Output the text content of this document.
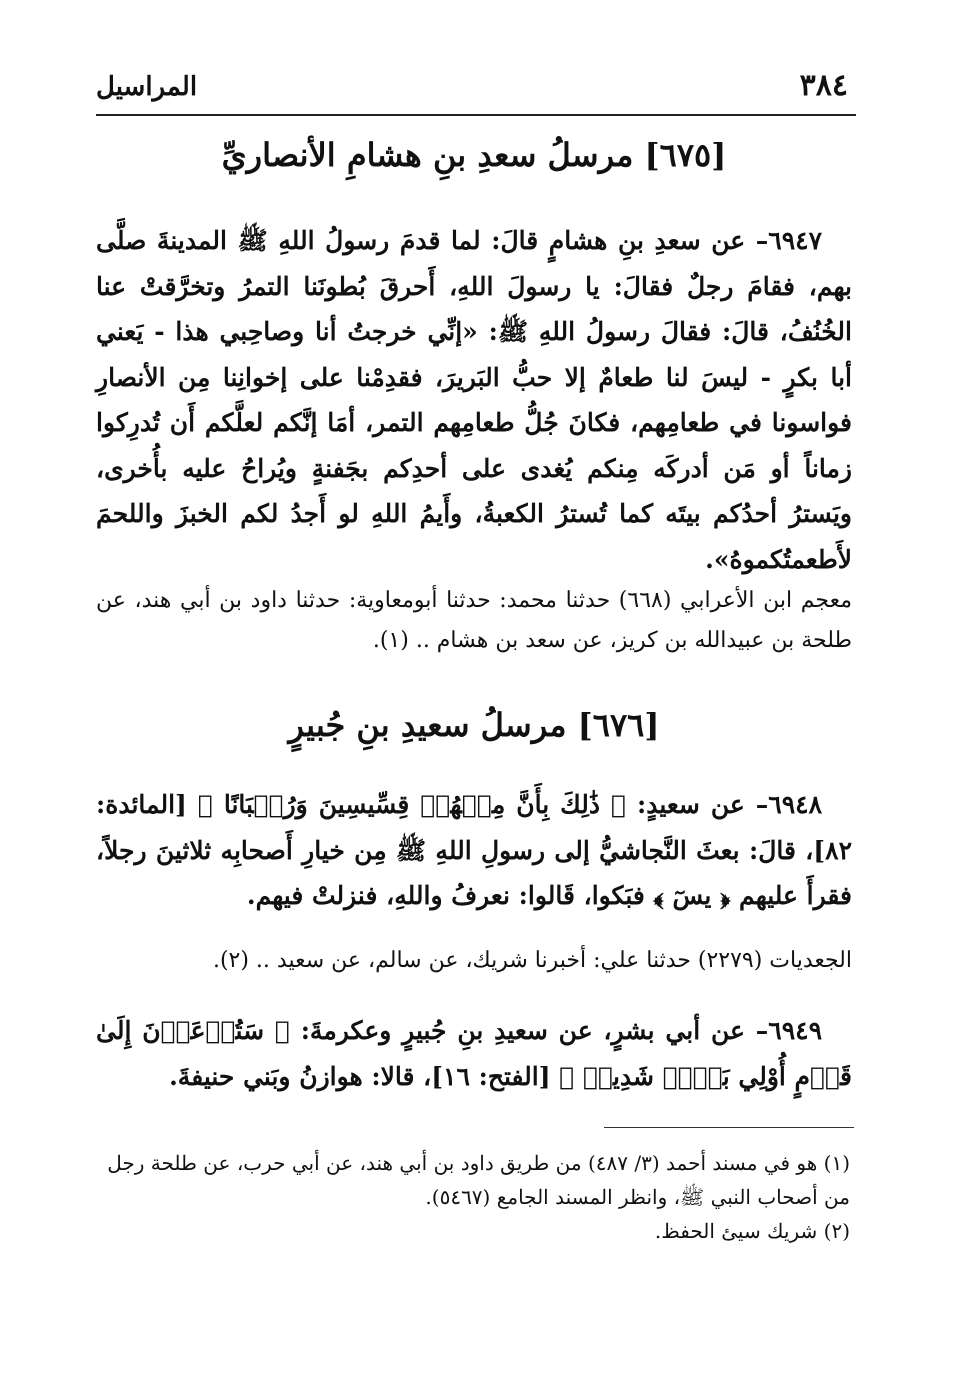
٣٨٤
المراسيل
[٦٧٥] مرسلُ سعدِ بنِ هشامِ الأنصاريِّ
٦٩٤٧– عن سعدِ بنِ هشامٍ قالَ: لما قدمَ رسولُ اللهِ ﷺ المدينةَ صلَّى بهم، فقامَ رجلٌ فقالَ: يا رسولَ اللهِ، أَحرقَ بُطونَنا التمرُ وتخرَّقتْ عنا الخُنُفُ، قالَ: فقالَ رسولُ اللهِ ﷺ: «إنِّي خرجتُ أنا وصاحِبي هذا - يَعني أبا بكرٍ - ليسَ لنا طعامٌ إلا حبُّ البَريرَ، فقدِمْنا على إخوانِنا مِن الأنصارِ فواسونا في طعامِهم، فكانَ جُلُّ طعامِهم التمر، أمَا إنَّكم لعلَّكم أَن تُدرِكوا زماناً أو مَن أدركَه مِنكم يُغدى على أحدِكم بجَفنةٍ ويُراحُ عليه بأُخرى، ويَسترُ أحدُكم بيتَه كما تُسترُ الكعبةُ، وأَيمُ اللهِ لو أَجدُ لكم الخبزَ واللحمَ لأَطعمتُكموهُ».
معجم ابن الأعرابي (٦٦٨) حدثنا محمد: حدثنا أبومعاوية: حدثنا داود بن أبي هند، عن طلحة بن عبيدالله بن كريز، عن سعد بن هشام .. (١).
[٦٧٦] مرسلُ سعيدِ بنِ جُبيرٍ
٦٩٤٨– عن سعيدٍ: ﴿ ذَٰلِكَ بِأَنَّ مِنۡهُمۡ قِسِّيسِينَ وَرُهۡبَانًا ﴾ [المائدة: ٨٢]، قالَ: بعثَ النَّجاشيُّ إلى رسولِ اللهِ ﷺ مِن خيارِ أَصحابِه ثلاثينَ رجلاً، فقرأَ عليهم ﴿ يسٓ ﴾ فبَكوا، قَالوا: نعرفُ واللهِ، فنزلتْ فيهم.
الجعديات (٢٢٧٩) حدثنا علي: أخبرنا شريك، عن سالم، عن سعيد .. (٢).
٦٩٤٩– عن أبي بشرٍ، عن سعيدِ بنِ جُبيرٍ وعكرمةَ: ﴿ سَتُدۡعَوۡنَ إِلَىٰ قَوۡمٍ أُوْلِي بَأۡسٖ شَدِيدٖ ﴾ [الفتح: ١٦]، قالا: هوازنُ وبَني حنيفةَ.
(١) هو في مسند أحمد (٣/ ٤٨٧) من طريق داود بن أبي هند، عن أبي حرب، عن طلحة رجل من أصحاب النبي ﷺ، وانظر المسند الجامع (٥٤٦٧).
(٢) شريك سيئ الحفظ.
